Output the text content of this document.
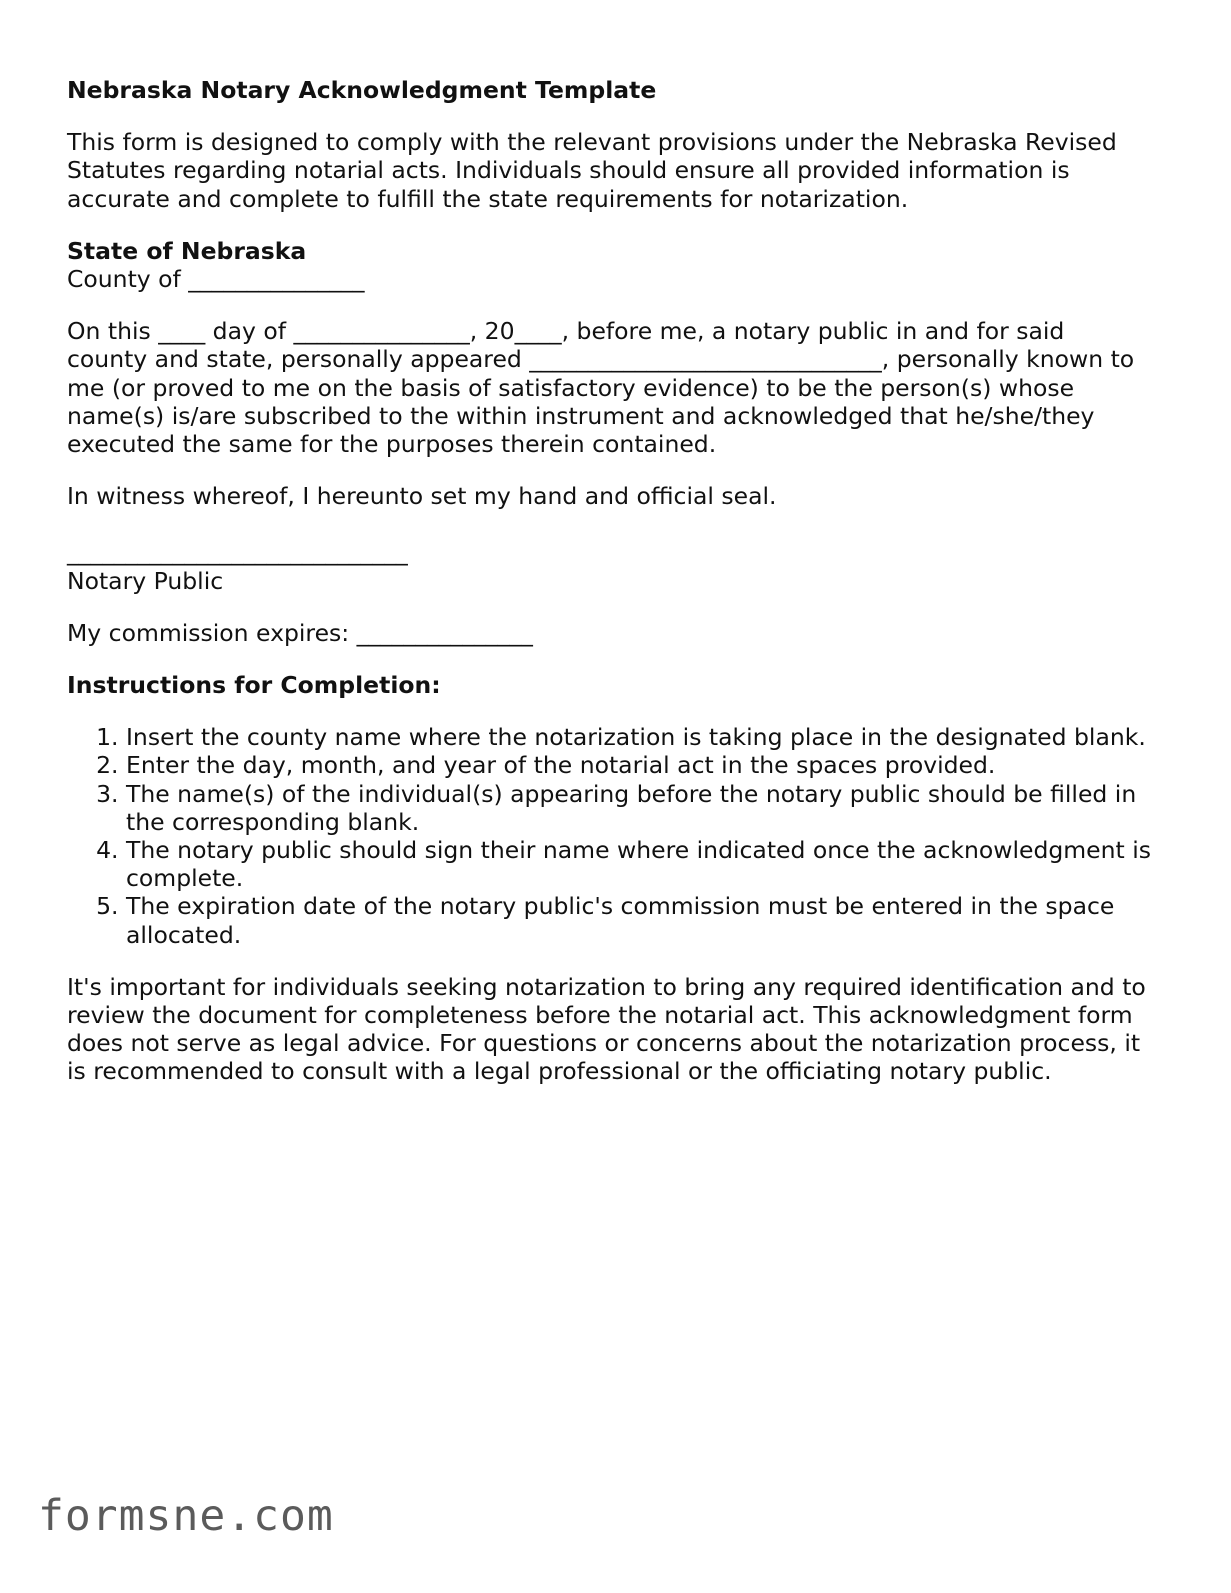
Nebraska Notary Acknowledgment Template

This form is designed to comply with the relevant provisions under the Nebraska Revised Statutes regarding notarial acts. Individuals should ensure all provided information is accurate and complete to fulfill the state requirements for notarization.

State of Nebraska
County of _______________

On this ____ day of _______________, 20____, before me, a notary public in and for said county and state, personally appeared ______________________________, personally known to me (or proved to me on the basis of satisfactory evidence) to be the person(s) whose name(s) is/are subscribed to the within instrument and acknowledged that he/she/they executed the same for the purposes therein contained.

In witness whereof, I hereunto set my hand and official seal.

_____________________________
Notary Public

My commission expires: _______________

Instructions for Completion:
1. Insert the county name where the notarization is taking place in the designated blank.
2. Enter the day, month, and year of the notarial act in the spaces provided.
3. The name(s) of the individual(s) appearing before the notary public should be filled in the corresponding blank.
4. The notary public should sign their name where indicated once the acknowledgment is complete.
5. The expiration date of the notary public's commission must be entered in the space allocated.

It's important for individuals seeking notarization to bring any required identification and to review the document for completeness before the notarial act. This acknowledgment form does not serve as legal advice. For questions or concerns about the notarization process, it is recommended to consult with a legal professional or the officiating notary public.

formsne.com
